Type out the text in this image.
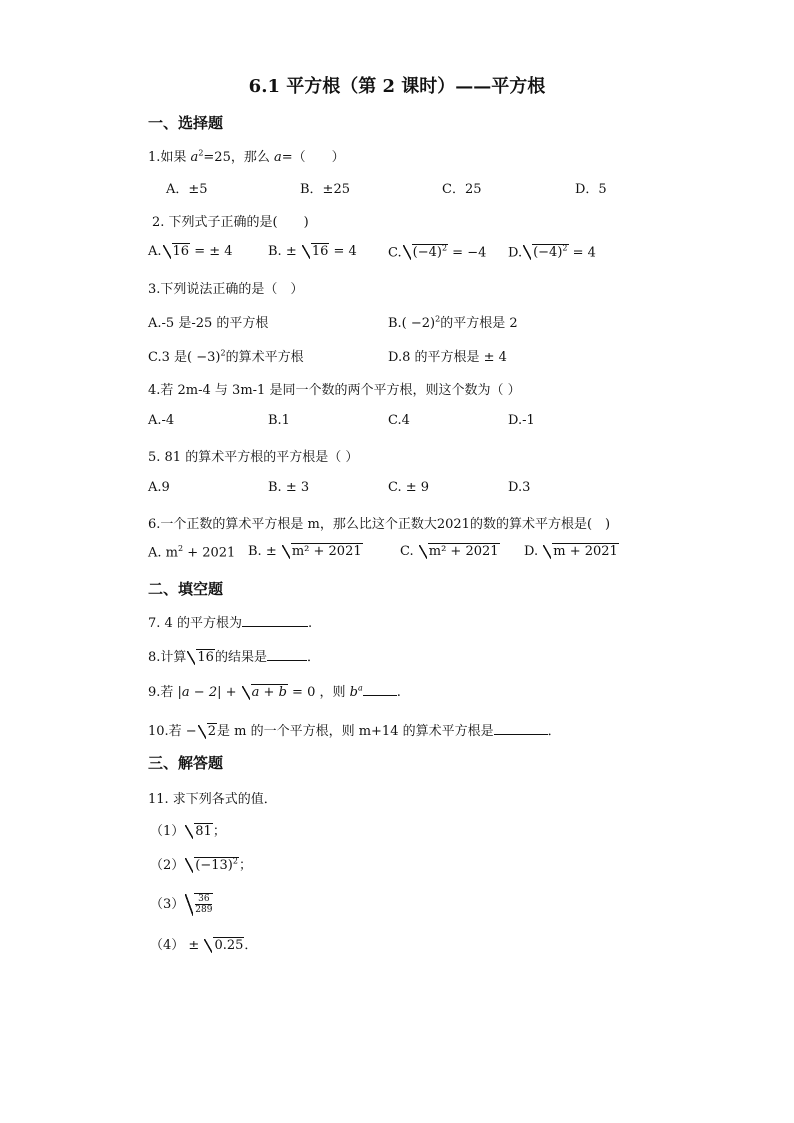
6.1 平方根（第 2 课时）——平方根
一、选择题
1.如果 $a^2=25$，那么 a=（　　）
A．±5	B．±25	C．25	D．5
2. 下列式子正确的是(　　)
A. 16 = ± 4	B. ± 16 = 4 C. $(-4)^2 = -4$ D. $(-4)^2 = 4$
3.下列说法正确的是（　）
A.-5 是-25 的平方根	$B.( -2)^2$的平方根是 2
C.3 是( −3)$^2$的算术平方根	D.8 的平方根是 ± 4
4.若 2m-4 与 3m-1 是同一个数的两个平方根，则这个数为（ ）
A.-4	B.1	C.4	D.-1
5. 81 的算术平方根的平方根是（ ）
A.9	B. ± 3	C. ± 9	D.3
6.一个正数的算术平方根是 m，那么比这个正数大2021的数的算术平方根是(　)
A. $m^2 + 2021$ B. ± m² + 2021	C. m² + 2021 D. m + 2021
二、填空题
7. 4 的平方根为	.
8.计算 16的结果是	．
9.若 |a − 2| + a + b = 0 ，则 $b^a$	.
10.若 − 2是 m 的一个平方根，则 m+14 的算术平方根是	．
三、解答题
11. 求下列各式的值．
（1） 81；
（2） $(-13)^2$；
$(3) \frac{36}{289}$
（4） ± 0.25．
